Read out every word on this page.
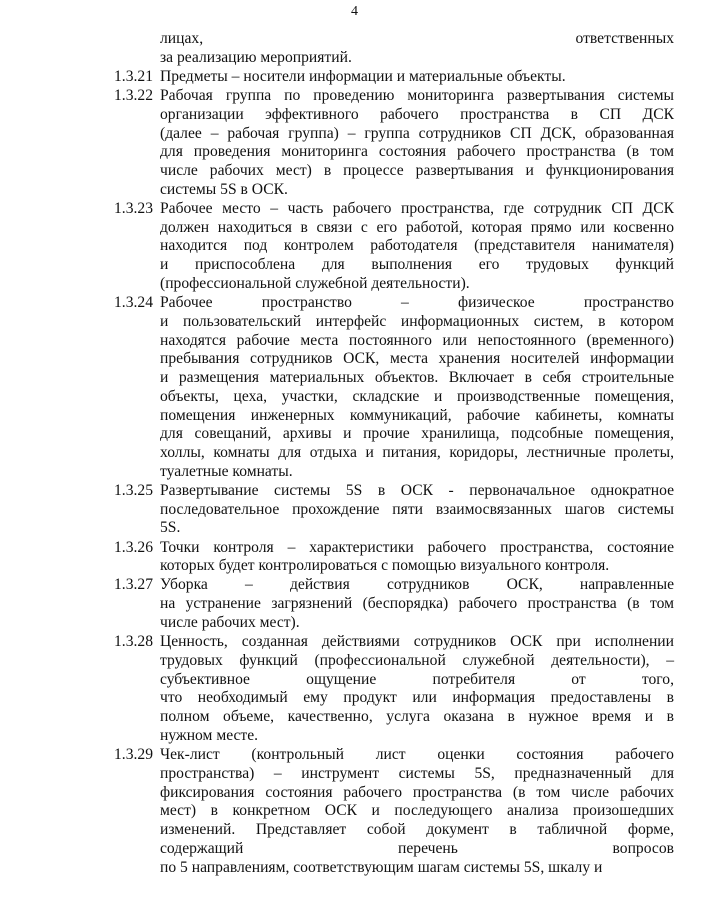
4
лицах,	ответственных
за реализацию мероприятий.
1.3.21 Предметы – носители информации и материальные объекты.
1.3.22 Рабочая группа по проведению мониторинга развертывания системы
организации эффективного рабочего пространства в СП ДСК
(далее – рабочая группа) – группа сотрудников СП ДСК, образованная
для проведения мониторинга состояния рабочего пространства (в том
числе рабочих мест) в процессе развертывания и функционирования
системы 5S в ОСК.
1.3.23 Рабочее место – часть рабочего пространства, где сотрудник СП ДСК
должен находиться в связи с его работой, которая прямо или косвенно
находится под контролем работодателя (представителя нанимателя)
и приспособлена для выполнения его трудовых функций
(профессиональной служебной деятельности).
1.3.24 Рабочее	пространство	–	физическое	пространство
и пользовательский интерфейс информационных систем, в котором
находятся рабочие места постоянного или непостоянного (временного)
пребывания сотрудников ОСК, места хранения носителей информации
и размещения материальных объектов. Включает в себя строительные
объекты, цеха, участки, складские и производственные помещения,
помещения инженерных коммуникаций, рабочие кабинеты, комнаты
для совещаний, архивы и прочие хранилища, подсобные помещения,
холлы, комнаты для отдыха и питания, коридоры, лестничные пролеты,
туалетные комнаты.
1.3.25 Развертывание системы 5S в ОСК - первоначальное однократное
последовательное прохождение пяти взаимосвязанных шагов системы
5S.
1.3.26 Точки контроля – характеристики рабочего пространства, состояние
которых будет контролироваться с помощью визуального контроля.
1.3.27 Уборка – действия сотрудников ОСК, направленные
на устранение загрязнений (беспорядка) рабочего пространства (в том
числе рабочих мест).
1.3.28 Ценность, созданная действиями сотрудников ОСК при исполнении
трудовых функций (профессиональной служебной деятельности), –
субъективное	ощущение	потребителя	от	того,
что необходимый ему продукт или информация предоставлены в
полном объеме, качественно, услуга оказана в нужное время и в
нужном месте.
1.3.29 Чек-лист (контрольный лист оценки состояния рабочего
пространства) – инструмент системы 5S, предназначенный для
фиксирования состояния рабочего пространства (в том числе рабочих
мест) в конкретном ОСК и последующего анализа произошедших
изменений. Представляет собой документ в табличной форме,
содержащий	перечень	вопросов
по 5 направлениям, соответствующим шагам системы 5S, шкалу и
